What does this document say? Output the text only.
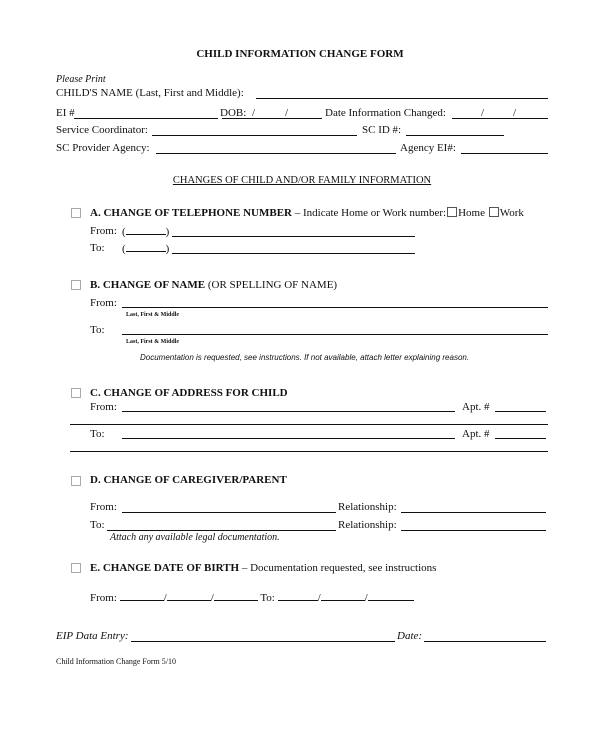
CHILD INFORMATION CHANGE FORM
Please Print
CHILD'S NAME (Last, First and Middle):
EI #	DOB: /	/	Date Information Changed:	/	/
Service Coordinator:	SC ID #:
SC Provider Agency:	Agency EI#:
CHANGES OF CHILD AND/OR FAMILY INFORMATION
A. CHANGE OF TELEPHONE NUMBER – Indicate Home or Work number: Home Work
From: (	)
To: (	)
B. CHANGE OF NAME (OR SPELLING OF NAME)
From:
Last, First & Middle
To:
Last, First & Middle
Documentation is requested, see instructions. If not available, attach letter explaining reason.
C. CHANGE OF ADDRESS FOR CHILD
From:	Apt. #
To:	Apt. #
D. CHANGE OF CAREGIVER/PARENT
From:	Relationship:
To:	Relationship:
Attach any available legal documentation.
E. CHANGE DATE OF BIRTH – Documentation requested, see instructions
From:	/	/	To:	/	/
EIP Data Entry:	Date:
Child Information Change Form 5/10
